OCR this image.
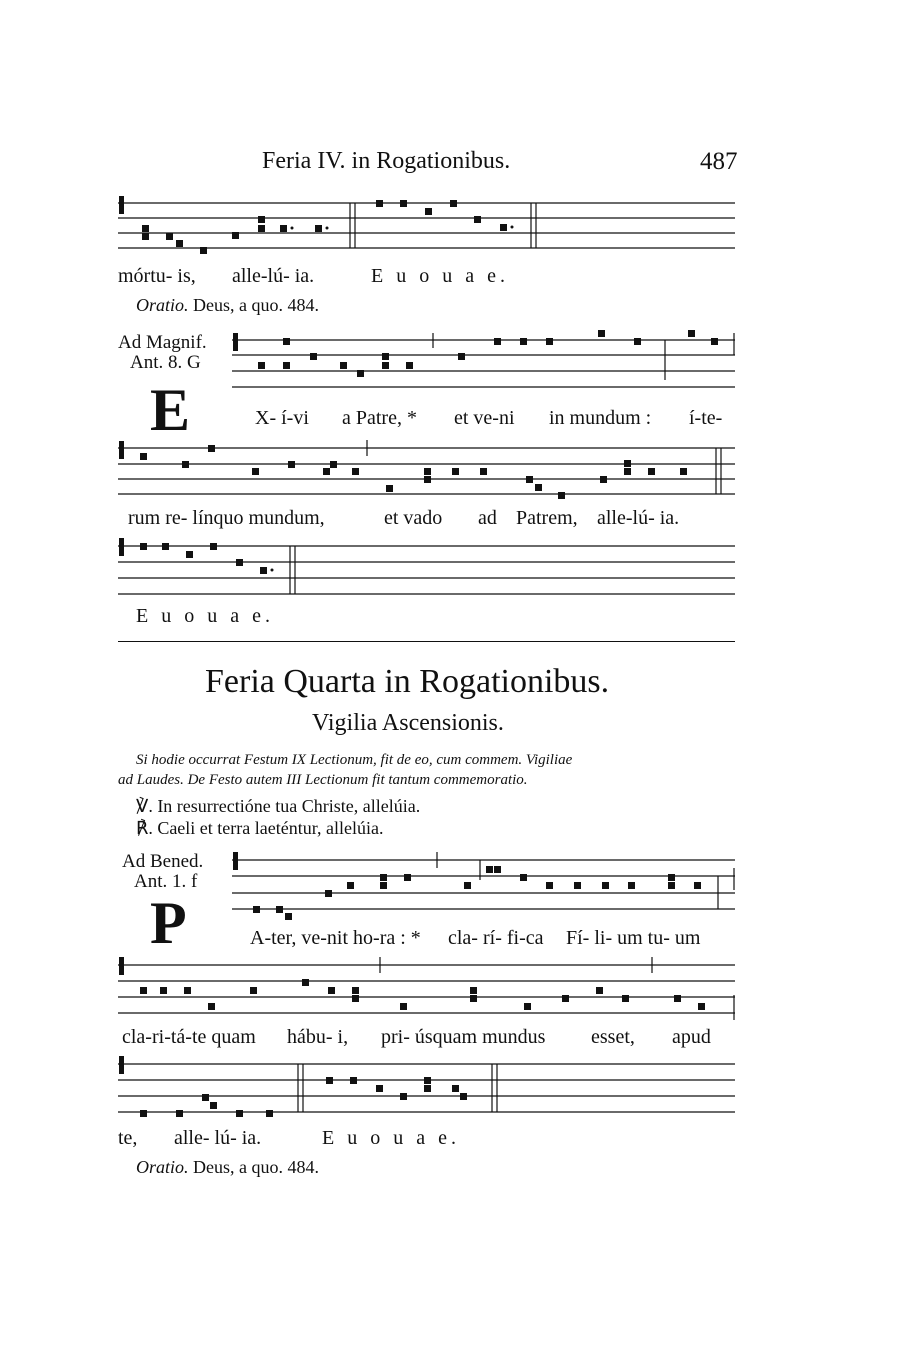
Feria IV. in Rogationibus.	487
mórtu- is, alle-lú- ia.	E u o u a e.
Oratio. Deus, a quo. 484.
Ad Magnif.
Ant. 8. G
E	X- í-vi a Patre, * et ve-ni in mundum : í-te-
rum re- línquo mundum,	et vado ad Patrem, alle-lú- ia.
E u o u a e.
Feria Quarta in Rogationibus.
Vigilia Ascensionis.
Si hodie occurrat Festum IX Lectionum, fit de eo, cum commem. Vigiliae
ad Laudes. De Festo autem III Lectionum fit tantum commemoratio.
℣. In resurrectióne tua Christe, allelúia.
℟. Caeli et terra laeténtur, allelúia.
Ad Bened.
Ant. 1. f
P	A-ter, ve-nit ho-ra : * cla- rí- fi-ca Fí- li- um tu- um
cla-ri-tá-te quam hábu- i, pri- úsquam mundus esset, apud
te, alle- lú- ia.	E u o u a e.
Oratio. Deus, a quo. 484.
